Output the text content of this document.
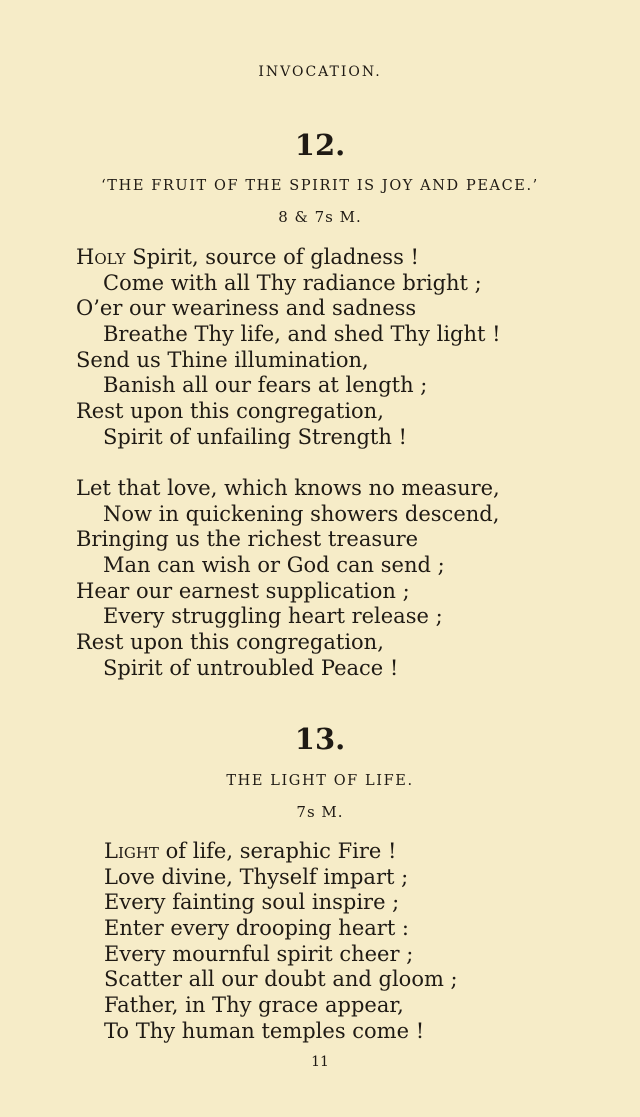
INVOCATION.
12.
‘THE FRUIT OF THE SPIRIT IS JOY AND PEACE.’
8 & 7s M.
Holy Spirit, source of gladness !
Come with all Thy radiance bright ;
O’er our weariness and sadness
Breathe Thy life, and shed Thy light !
Send us Thine illumination,
Banish all our fears at length ;
Rest upon this congregation,
Spirit of unfailing Strength !
Let that love, which knows no measure,
Now in quickening showers descend,
Bringing us the richest treasure
Man can wish or God can send ;
Hear our earnest supplication ;
Every struggling heart release ;
Rest upon this congregation,
Spirit of untroubled Peace !
13.
THE LIGHT OF LIFE.
7s M.
Light of life, seraphic Fire !
Love divine, Thyself impart ;
Every fainting soul inspire ;
Enter every drooping heart :
Every mournful spirit cheer ;
Scatter all our doubt and gloom ;
Father, in Thy grace appear,
To Thy human temples come !
11
